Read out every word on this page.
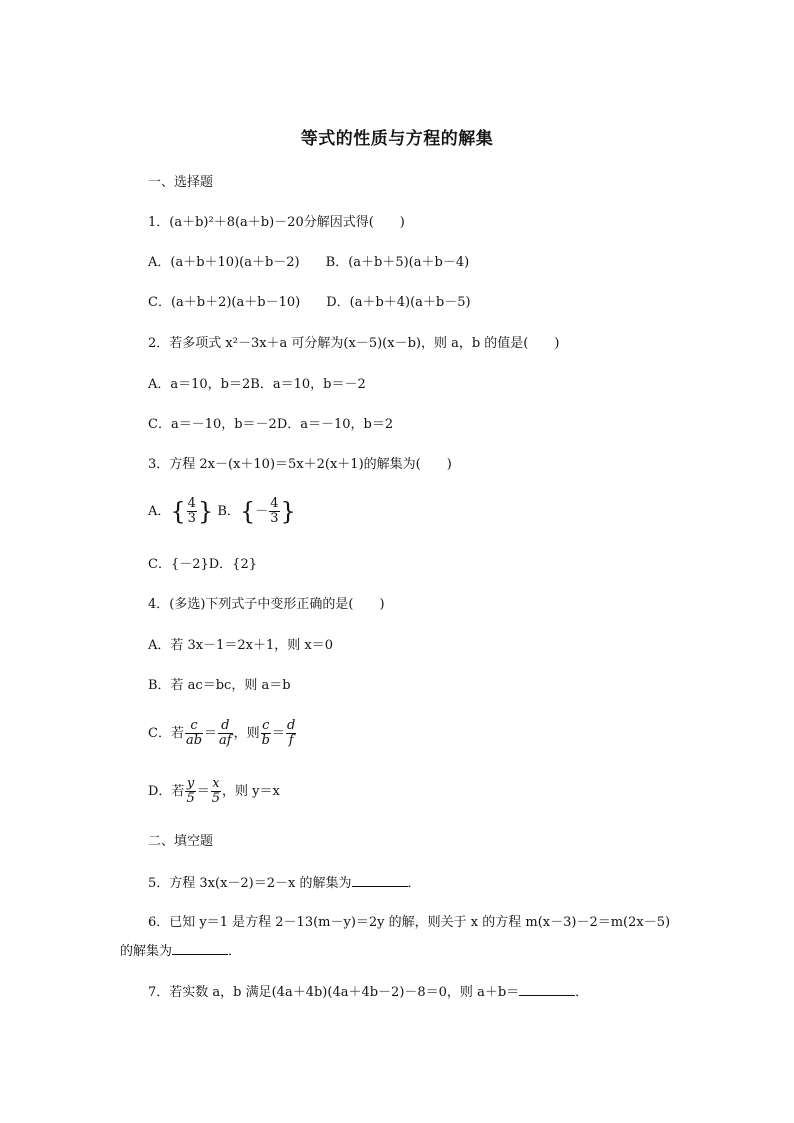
等式的性质与方程的解集
一、选择题
1．(a＋b)²＋8(a＋b)－20分解因式得(　　)
A．(a＋b＋10)(a＋b－2) B．(a＋b＋5)(a＋b－4)
C．(a＋b＋2)(a＋b－10) D．(a＋b＋4)(a＋b－5)
2．若多项式 x²－3x＋a 可分解为(x－5)(x－b)，则 a，b 的值是(　　)
A．a＝10，b＝2B．a＝10，b＝－2
C．a＝－10，b＝－2D．a＝－10，b＝2
3．方程 2x－(x＋10)＝5x＋2(x＋1)的解集为(　　)
A．{ $\frac{4}{3}$ } B．{－ $\frac{4}{3}$ }
C．{－2}D．{2}
4．(多选)下列式子中变形正确的是(　　)
A．若 3x－1＝2x＋1，则 x＝0
B．若 ac＝bc，则 a＝b
C．若 $\frac{c}{ab} = \frac{d}{af}$ ，则 $\frac{c}{b} = \frac{d}{f}$
D．若 $\frac{y}{5} = \frac{x}{5}$ ，则 y＝x
二、填空题
5．方程 3x(x－2)＝2－x 的解集为	．
6．已知 y＝1 是方程 2－13(m－y)＝2y 的解，则关于 x 的方程 m(x－3)－2＝m(2x－5)
的解集为	．
7．若实数 a，b 满足(4a＋4b)(4a＋4b－2)－8＝0，则 a＋b＝	．
